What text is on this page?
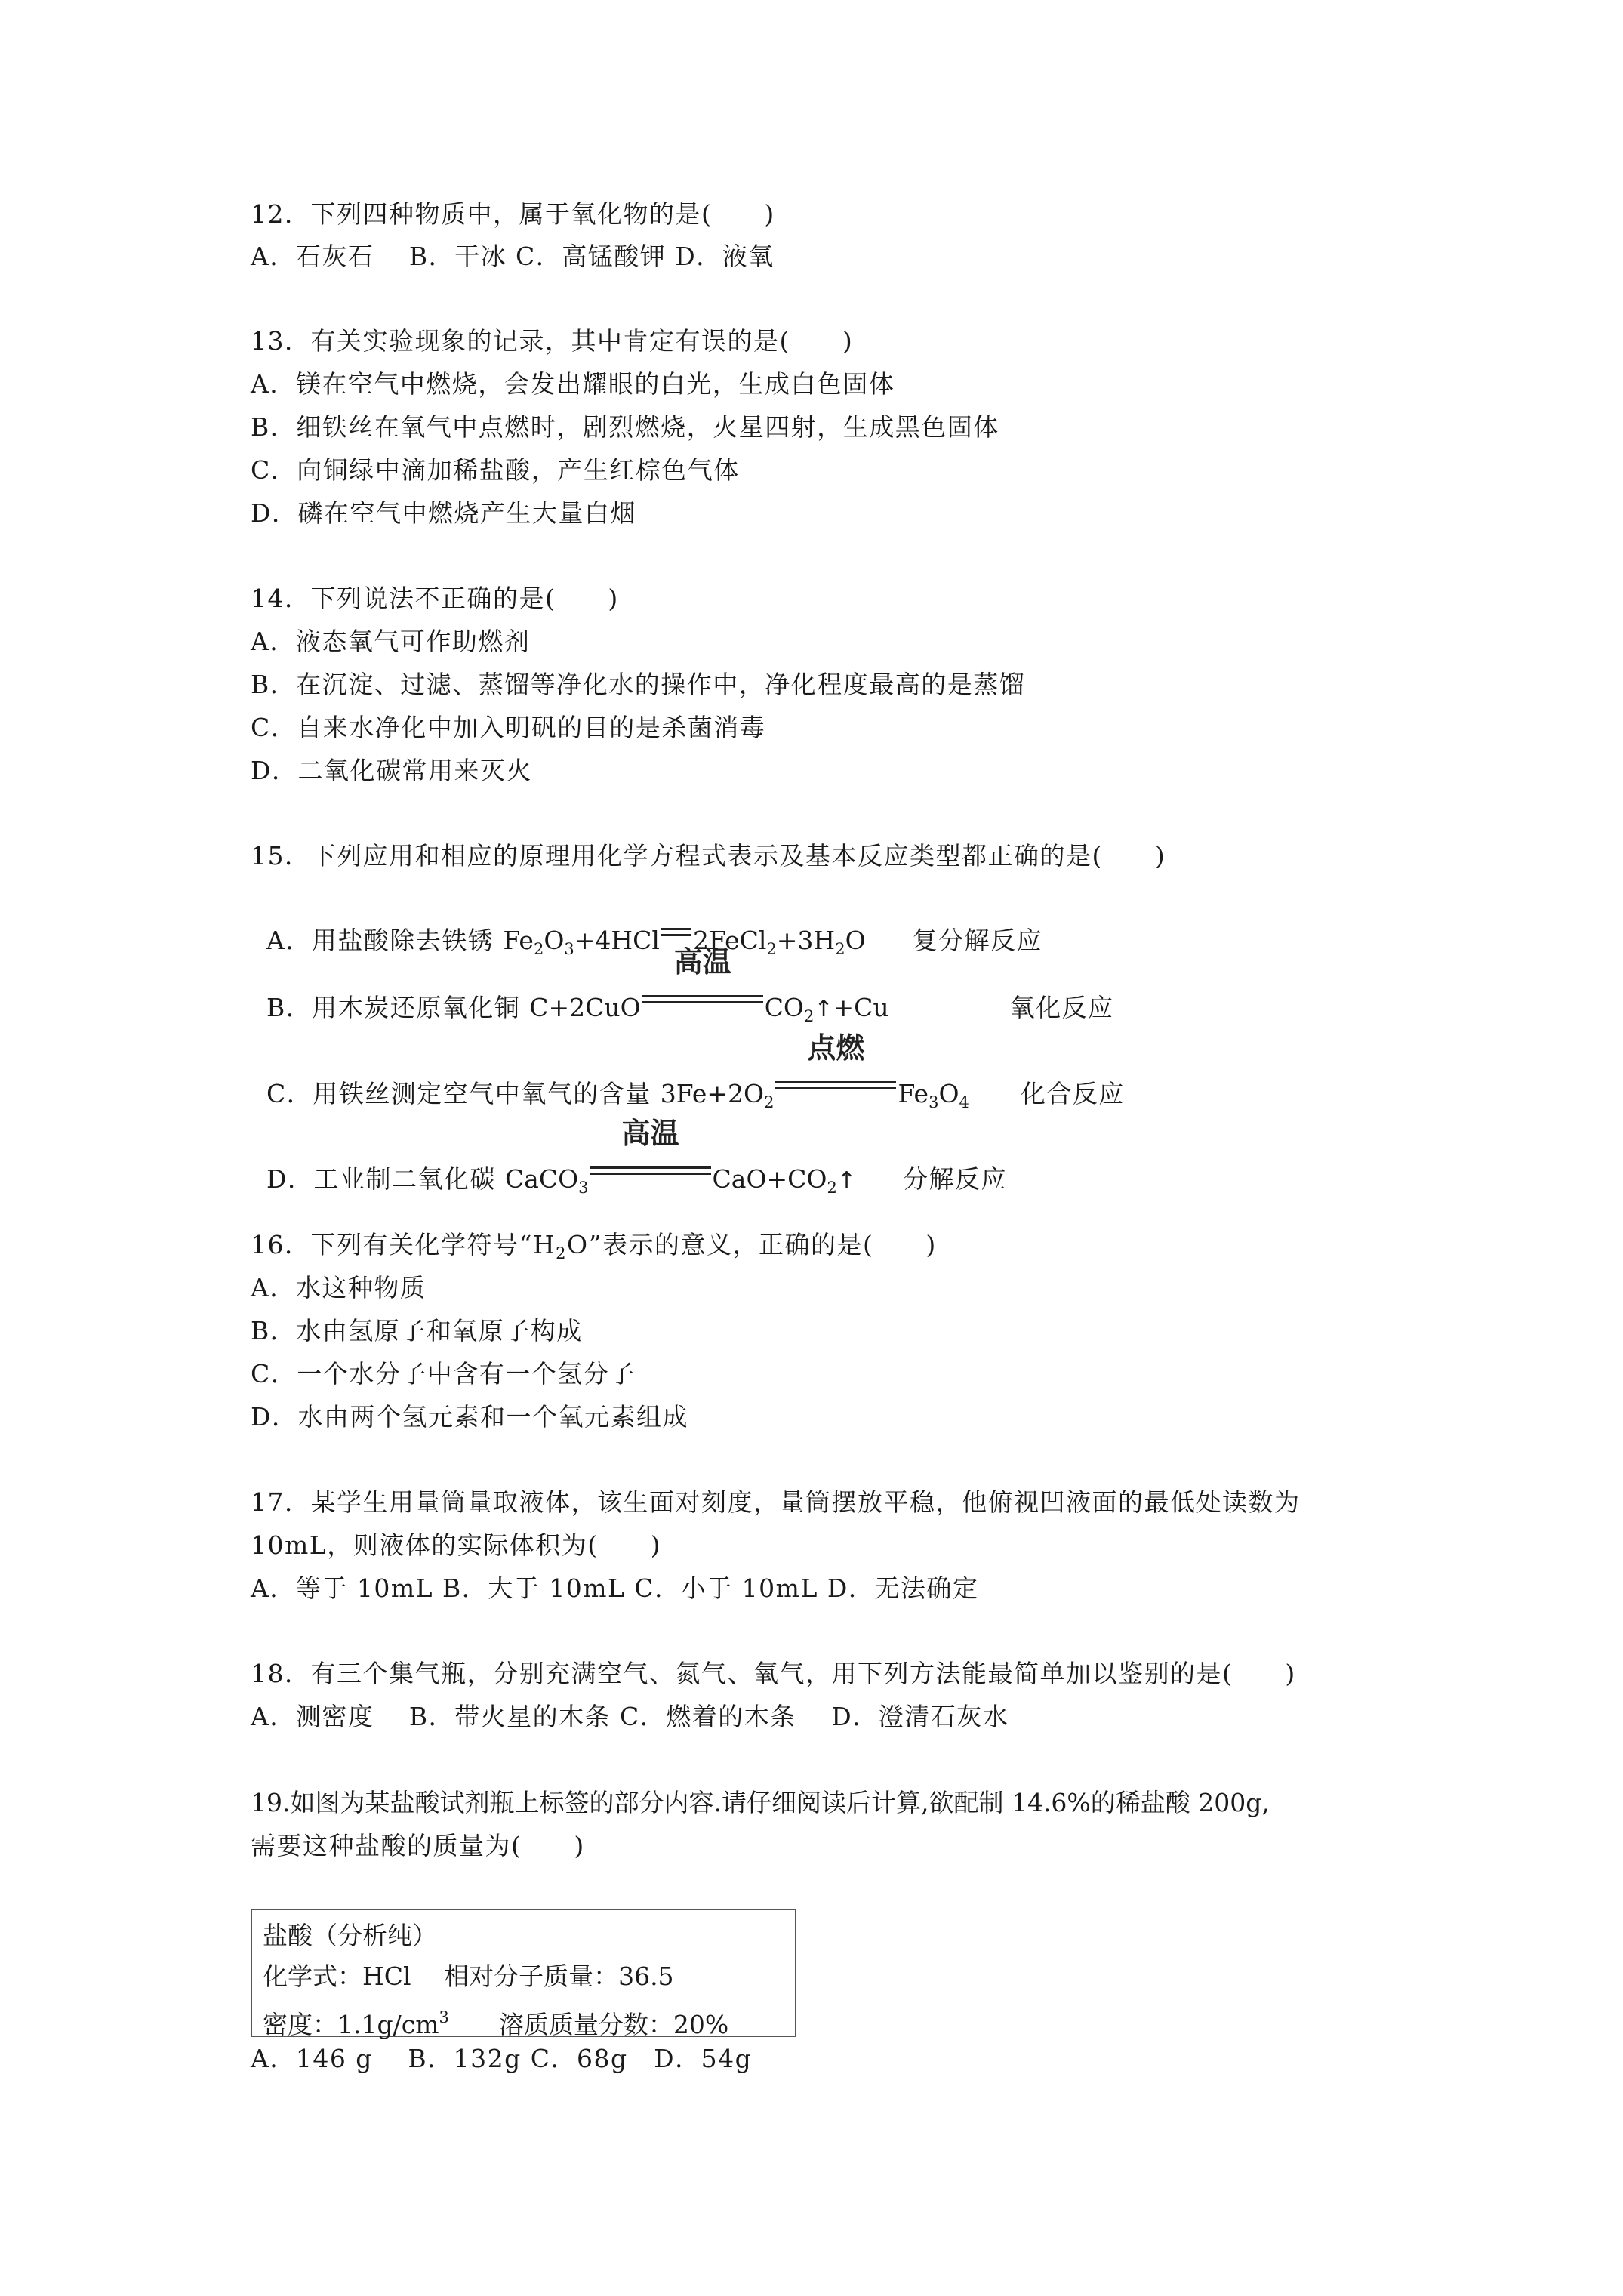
12．下列四种物质中，属于氧化物的是(　　)
A．石灰石　 B．干冰 C．高锰酸钾 D．液氧
13．有关实验现象的记录，其中肯定有误的是(　　)
A．镁在空气中燃烧，会发出耀眼的白光，生成白色固体
B．细铁丝在氧气中点燃时，剧烈燃烧，火星四射，生成黑色固体
C．向铜绿中滴加稀盐酸，产生红棕色气体
D．磷在空气中燃烧产生大量白烟
14．下列说法不正确的是(　　)
A．液态氧气可作助燃剂
B．在沉淀、过滤、蒸馏等净化水的操作中，净化程度最高的是蒸馏
C．自来水净化中加入明矾的目的是杀菌消毒
D．二氧化碳常用来灭火
15．下列应用和相应的原理用化学方程式表示及基本反应类型都正确的是(　　)

A．用盐酸除去铁锈 $Fe_2O_3+4HCl$ $2FeCl_2+3H_2O$ 复分解反应

B．用木炭还原氧化铜 C+2CuO
高温
$CO_2↑+Cu$	氧化反应

C．用铁丝测定空气中氧气的含量 $3Fe+2O_2$
点燃
$Fe_3O_4$ 化合反应

D．工业制二氧化碳 CaCO$_3$
高温
$CaO+CO_2↑$ 分解反应

16．下列有关化学符号“$H_2O$”表示的意义，正确的是(　　)
A．水这种物质
B．水由氢原子和氧原子构成
C．一个水分子中含有一个氢分子
D．水由两个氢元素和一个氧元素组成
17．某学生用量筒量取液体，该生面对刻度，量筒摆放平稳，他俯视凹液面的最低处读数为
10mL，则液体的实际体积为(　　)
A．等于 10mL B．大于 10mL C．小于 10mL D．无法确定
18．有三个集气瓶，分别充满空气、氮气、氧气，用下列方法能最简单加以鉴别的是(　　)
A．测密度　 B．带火星的木条 C．燃着的木条　 D．澄清石灰水
19.如图为某盐酸试剂瓶上标签的部分内容.请仔细阅读后计算,欲配制 14.6%的稀盐酸 200g,
需要这种盐酸的质量为(　　)
盐酸（分析纯）
化学式：HCl　 相对分子质量：36.5
密度：$1.1g/cm^3$　　溶质质量分数：20%
A．146 g　 B．132g C．68g　D．54g
